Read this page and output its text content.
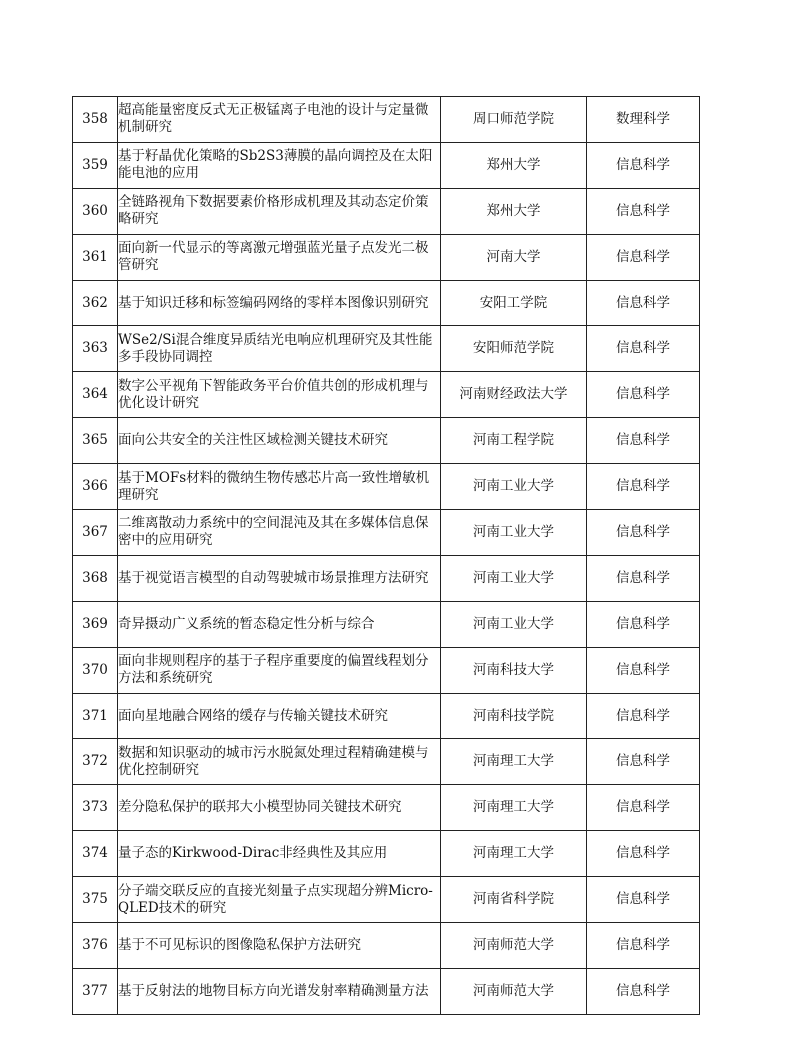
358	超高能量密度反式无正极锰离子电池的设计与定量微机制研究	周口师范学院	数理科学
359	基于籽晶优化策略的Sb2S3薄膜的晶向调控及在太阳能电池的应用	郑州大学	信息科学
360	全链路视角下数据要素价格形成机理及其动态定价策略研究	郑州大学	信息科学
361	面向新一代显示的等离激元增强蓝光量子点发光二极管研究	河南大学	信息科学
362	基于知识迁移和标签编码网络的零样本图像识别研究	安阳工学院	信息科学
363	WSe2/Si混合维度异质结光电响应机理研究及其性能多手段协同调控	安阳师范学院	信息科学
364	数字公平视角下智能政务平台价值共创的形成机理与优化设计研究	河南财经政法大学	信息科学
365	面向公共安全的关注性区域检测关键技术研究	河南工程学院	信息科学
366	基于MOFs材料的微纳生物传感芯片高一致性增敏机理研究	河南工业大学	信息科学
367	二维离散动力系统中的空间混沌及其在多媒体信息保密中的应用研究	河南工业大学	信息科学
368	基于视觉语言模型的自动驾驶城市场景推理方法研究	河南工业大学	信息科学
369	奇异摄动广义系统的暂态稳定性分析与综合	河南工业大学	信息科学
370	面向非规则程序的基于子程序重要度的偏置线程划分方法和系统研究	河南科技大学	信息科学
371	面向星地融合网络的缓存与传输关键技术研究	河南科技学院	信息科学
372	数据和知识驱动的城市污水脱氮处理过程精确建模与优化控制研究	河南理工大学	信息科学
373	差分隐私保护的联邦大小模型协同关键技术研究	河南理工大学	信息科学
374	量子态的Kirkwood-Dirac非经典性及其应用	河南理工大学	信息科学
375	分子端交联反应的直接光刻量子点实现超分辨Micro-QLED技术的研究	河南省科学院	信息科学
376	基于不可见标识的图像隐私保护方法研究	河南师范大学	信息科学
377	基于反射法的地物目标方向光谱发射率精确测量方法	河南师范大学	信息科学
